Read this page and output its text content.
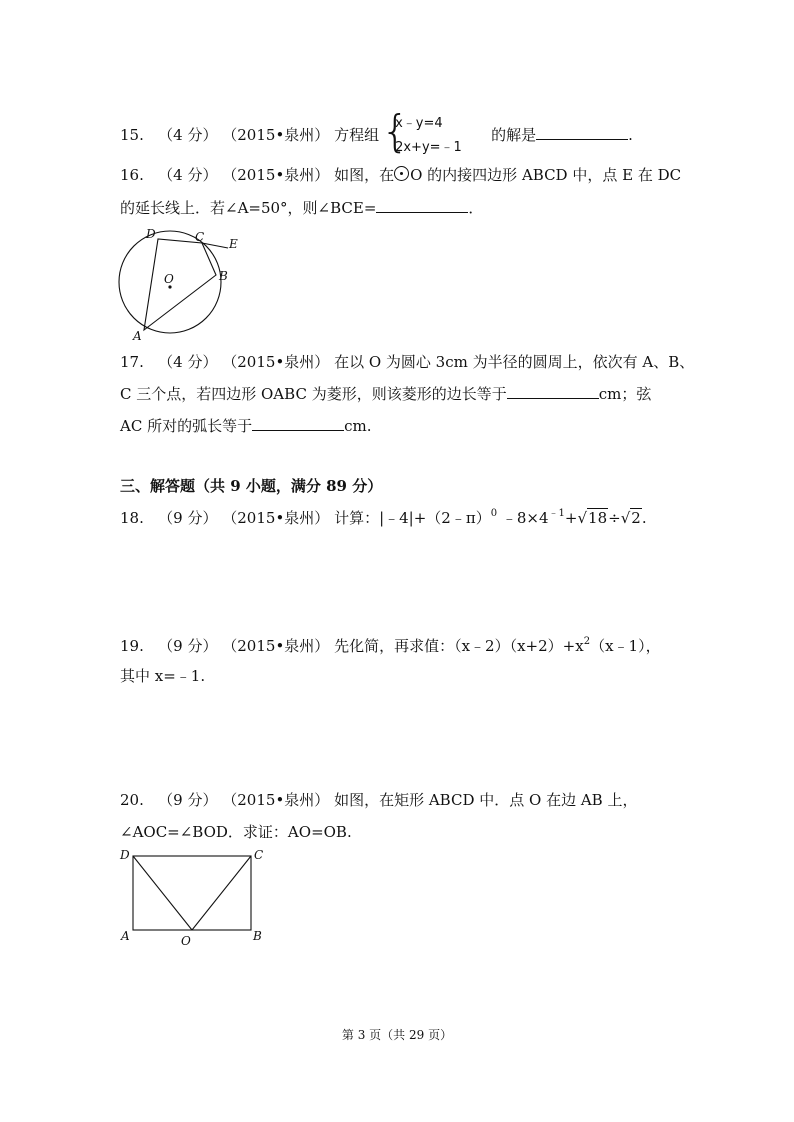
15. （4 分） （2015•泉州） 方程组 {
x﹣y=4
2x+y=﹣1
的解是	.
16. （4 分） （2015•泉州） 如图，在 O 的内接四边形 ABCD 中，点 E 在 DC
的延长线上．若∠A=50°，则∠BCE=	．
D	C E
B
A
O
17. （4 分） （2015•泉州） 在以 O 为圆心 3cm 为半径的圆周上，依次有 A、B、
C 三个点，若四边形 OABC 为菱形，则该菱形的边长等于	cm；弦
AC 所对的弧长等于	cm.
三、解答题（共 9 小题，满分 89 分）
18. （9 分） （2015•泉州） 计算：|﹣4|+（2﹣π）$^0$ $﹣8\times 4^{﹣1}+√18\div√2$.
19. （9 分） （2015•泉州） 先化简，再求值：$(x﹣2)(x+2)+x^2(x﹣1)$，
其中 x=﹣1.
20. （9 分） （2015•泉州） 如图，在矩形 ABCD 中．点 O 在边 AB 上，
∠AOC=∠BOD．求证：AO=OB.
D	C
A	O	B
第 3 页（共 29 页）
